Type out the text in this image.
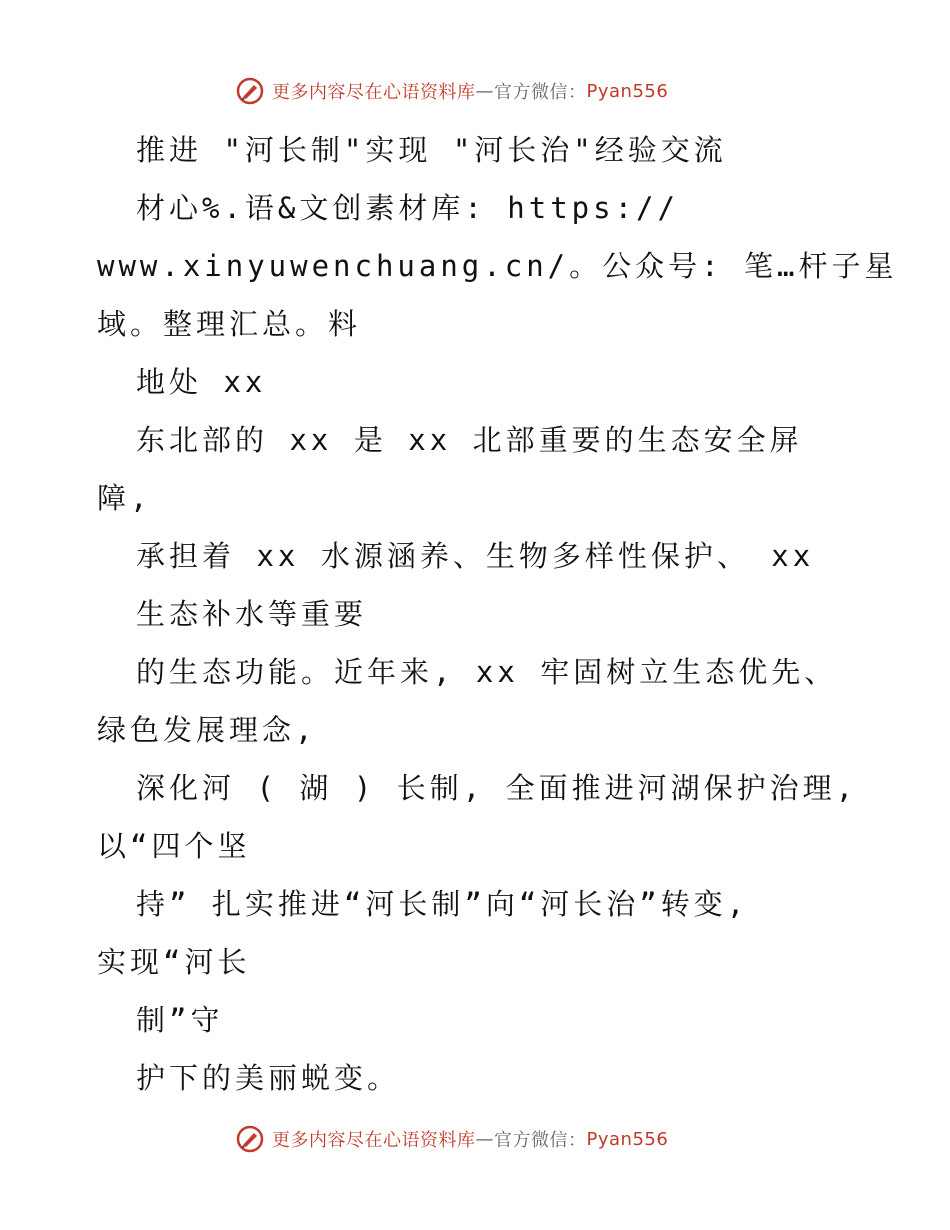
更多内容尽在心语资料库 — 官方微信： Pyan556
推进 "河长制"实现 "河长治"经验交流
材心%.语&文创素材库: https://
www.xinyuwenchuang.cn/。公众号: 笔…杆子星
域。整理汇总。料
地处 xx
东北部的 xx 是 xx 北部重要的生态安全屏
障,
承担着 xx 水源涵养、生物多样性保护、 xx
生态补水等重要
的生态功能。近年来, xx 牢固树立生态优先、
绿色发展理念,
深化河 ( 湖 ) 长制, 全面推进河湖保护治理,
以“四个坚
持” 扎实推进“河长制”向“河长治”转变,
实现“河长
制”守
护下的美丽蜕变。
更多内容尽在心语资料库 — 官方微信： Pyan556
